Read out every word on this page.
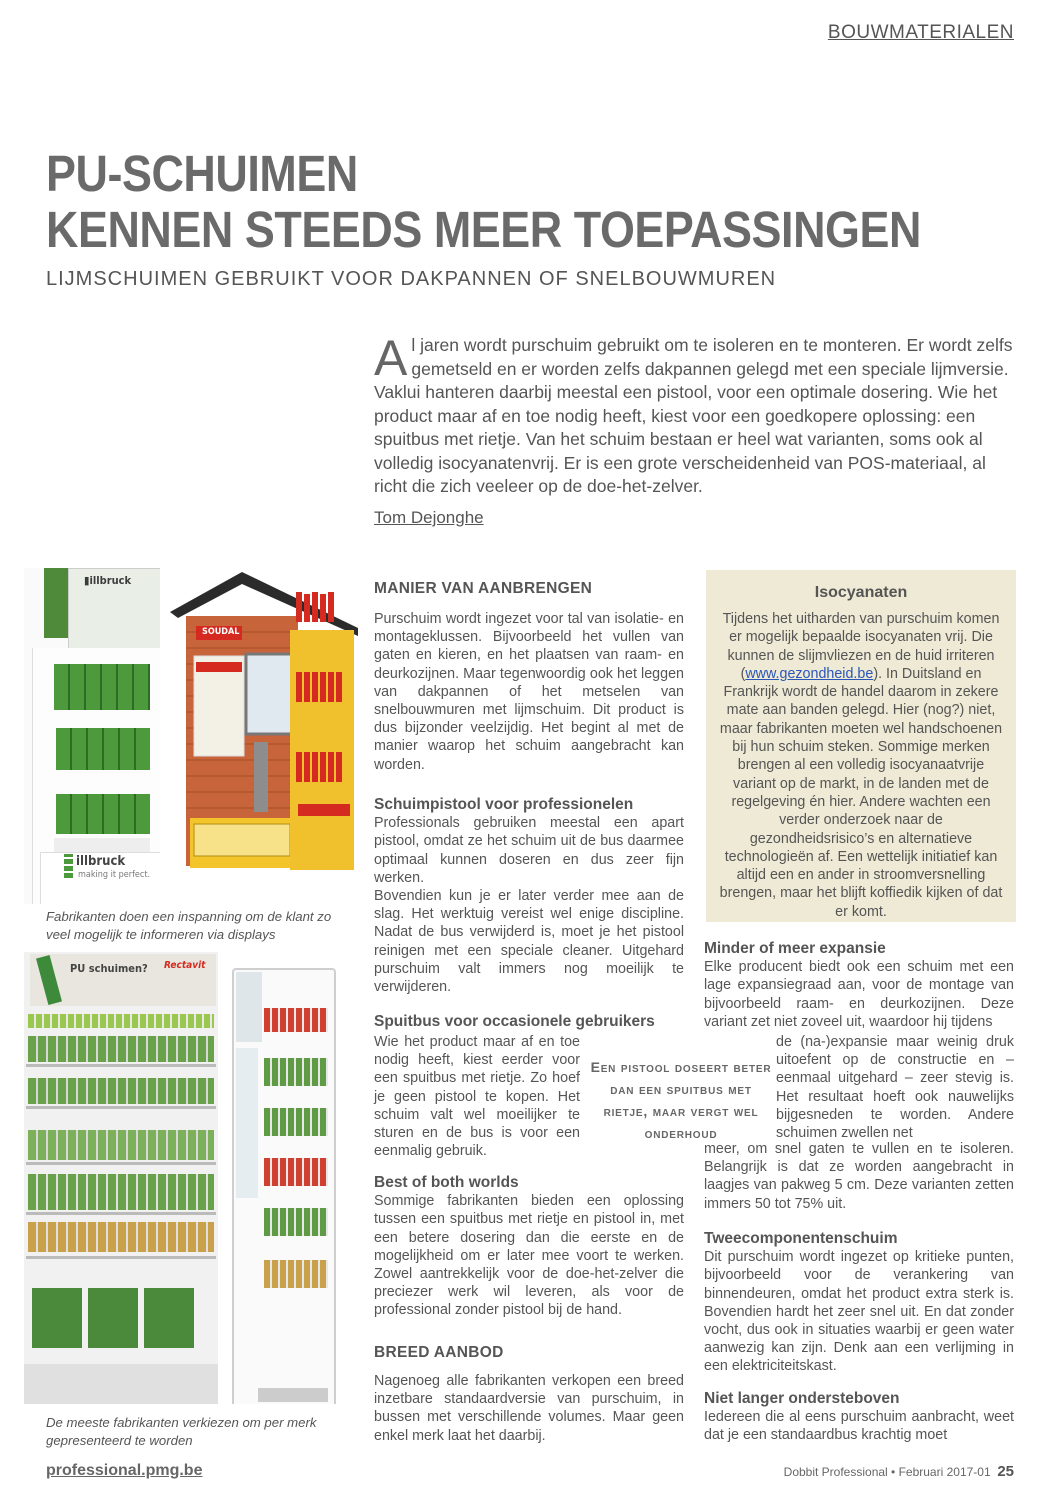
BOUWMATERIALEN
PU-SCHUIMEN
KENNEN STEEDS MEER TOEPASSINGEN
LIJMSCHUIMEN GEBRUIKT VOOR DAKPANNEN OF SNELBOUWMUREN
Al jaren wordt purschuim gebruikt om te isoleren en te monteren. Er wordt zelfs gemetseld en er worden zelfs dakpannen gelegd met een speciale lijmversie. Vaklui hanteren daarbij meestal een pistool, voor een optimale dosering. Wie het product maar af en toe nodig heeft, kiest voor een goedkopere oplossing: een spuitbus met rietje. Van het schuim bestaan er heel wat varianten, soms ook al volledig isocyanatenvrij. Er is een grote verscheidenheid van POS-materiaal, al richt die zich veeleer op de doe-het-zelver.
Tom Dejonghe
▮illbruck
illbruck
making it perfect.
SOUDAL
PU schuimen? Rectavit
Fabrikanten doen een inspanning om de klant zo veel mogelijk te informeren via displays
De meeste fabrikanten verkiezen om per merk gepresenteerd te worden
MANIER VAN AANBRENGEN
Purschuim wordt ingezet voor tal van isolatie- en montageklussen. Bijvoorbeeld het vullen van gaten en kieren, en het plaatsen van raam- en deurkozijnen. Maar tegenwoordig ook het leggen van dakpannen of het metselen van snelbouwmuren met lijmschuim. Dit product is dus bijzonder veelzijdig. Het begint al met de manier waarop het schuim aangebracht kan worden.

Schuimpistool voor professionelen

Professionals gebruiken meestal een apart pistool, omdat ze het schuim uit de bus daarmee optimaal kunnen doseren en dus zeer fijn werken.

Bovendien kun je er later verder mee aan de slag. Het werktuig vereist wel enige discipline. Nadat de bus verwijderd is, moet je het pistool reinigen met een speciale cleaner. Uitgehard purschuim valt immers nog moeilijk te verwijderen.

Spuitbus voor occasionele gebruikers

Wie het product maar af en toe nodig heeft, kiest eerder voor een spuitbus met rietje. Zo hoef je geen pistool te kopen. Het schuim valt wel moeilijker te sturen en de bus is voor een eenmalig gebruik.

Best of both worlds

Sommige fabrikanten bieden een oplossing tussen een spuitbus met rietje en pistool in, met een betere dosering dan die eerste en de mogelijkheid om er later mee voort te werken. Zowel aantrekkelijk voor de doe-het-zelver die preciezer werk wil leveren, als voor de professional zonder pistool bij de hand.

BREED AANBOD
Nagenoeg alle fabrikanten verkopen een breed inzetbare standaardversie van purschuim, in bussen met verschillende volumes. Maar geen enkel merk laat het daarbij.
Een pistool doseert beter dan een spuitbus met rietje, maar vergt wel onderhoud
Isocyanaten
Tijdens het uitharden van purschuim komen er mogelijk bepaalde isocyanaten vrij. Die kunnen de slijmvliezen en de huid irriteren (www.gezondheid.be). In Duitsland en Frankrijk wordt de handel daarom in zekere mate aan banden gelegd. Hier (nog?) niet, maar fabrikanten moeten wel handschoenen bij hun schuim steken. Sommige merken brengen al een volledig isocyanaatvrije variant op de markt, in de landen met de regelgeving én hier. Andere wachten een verder onderzoek naar de gezondheidsrisico’s en alternatieve technologieën af. Een wettelijk initiatief kan altijd een en ander in stroomversnelling brengen, maar het blijft koffiedik kijken of dat er komt.

Minder of meer expansie

Elke producent biedt ook een schuim met een lage expansiegraad aan, voor de montage van bijvoorbeeld raam- en deurkozijnen. Deze variant zet niet zoveel uit, waardoor hij tijdens

de (na-)expansie maar weinig druk uitoefent op de constructie en – eenmaal uitgehard – zeer stevig is. Het resultaat hoeft ook nauwelijks bijgesneden te worden. Andere schuimen zwellen net
meer, om snel gaten te vullen en te isoleren. Belangrijk is dat ze worden aangebracht in laagjes van pakweg 5 cm. Deze varianten zetten immers 50 tot 75% uit.

Tweecomponentenschuim

Dit purschuim wordt ingezet op kritieke punten, bijvoorbeeld voor de verankering van binnendeuren, omdat het product extra sterk is. Bovendien hardt het zeer snel uit. En dat zonder vocht, dus ook in situaties waarbij er geen water aanwezig kan zijn. Denk aan een verlijming in een elektriciteitskast.

Niet langer ondersteboven

Iedereen die al eens purschuim aanbracht, weet dat je een standaardbus krachtig moet

professional.pmg.be	Dobbit Professional • Februari 2017-01 25
